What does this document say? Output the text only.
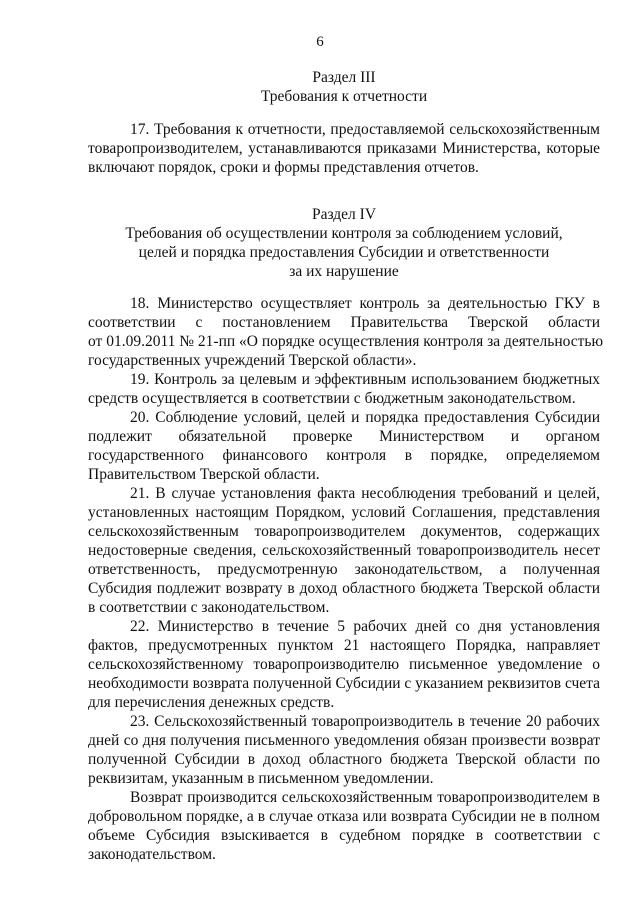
6
Раздел III
Требования к отчетности
17. Требования к отчетности, предоставляемой сельскохозяйственным
товаропроизводителем, устанавливаются приказами Министерства, которые
включают порядок, сроки и формы представления отчетов.
Раздел IV
Требования об осуществлении контроля за соблюдением условий,
целей и порядка предоставления Субсидии и ответственности
за их нарушение
18. Министерство осуществляет контроль за деятельностью ГКУ в
соответствии с постановлением Правительства Тверской области
от 01.09.2011 № 21-пп «О порядке осуществления контроля за деятельностью
государственных учреждений Тверской области».
19. Контроль за целевым и эффективным использованием бюджетных
средств осуществляется в соответствии с бюджетным законодательством.
20. Соблюдение условий, целей и порядка предоставления Субсидии
подлежит обязательной проверке Министерством и органом
государственного финансового контроля в порядке, определяемом
Правительством Тверской области.
21. В случае установления факта несоблюдения требований и целей,
установленных настоящим Порядком, условий Соглашения, представления
сельскохозяйственным товаропроизводителем документов, содержащих
недостоверные сведения, сельскохозяйственный товаропроизводитель несет
ответственность, предусмотренную законодательством, а полученная
Субсидия подлежит возврату в доход областного бюджета Тверской области
в соответствии с законодательством.
22. Министерство в течение 5 рабочих дней со дня установления
фактов, предусмотренных пунктом 21 настоящего Порядка, направляет
сельскохозяйственному товаропроизводителю письменное уведомление о
необходимости возврата полученной Субсидии с указанием реквизитов счета
для перечисления денежных средств.
23. Сельскохозяйственный товаропроизводитель в течение 20 рабочих
дней со дня получения письменного уведомления обязан произвести возврат
полученной Субсидии в доход областного бюджета Тверской области по
реквизитам, указанным в письменном уведомлении.
Возврат производится сельскохозяйственным товаропроизводителем в
добровольном порядке, а в случае отказа или возврата Субсидии не в полном
объеме Субсидия взыскивается в судебном порядке в соответствии с
законодательством.
